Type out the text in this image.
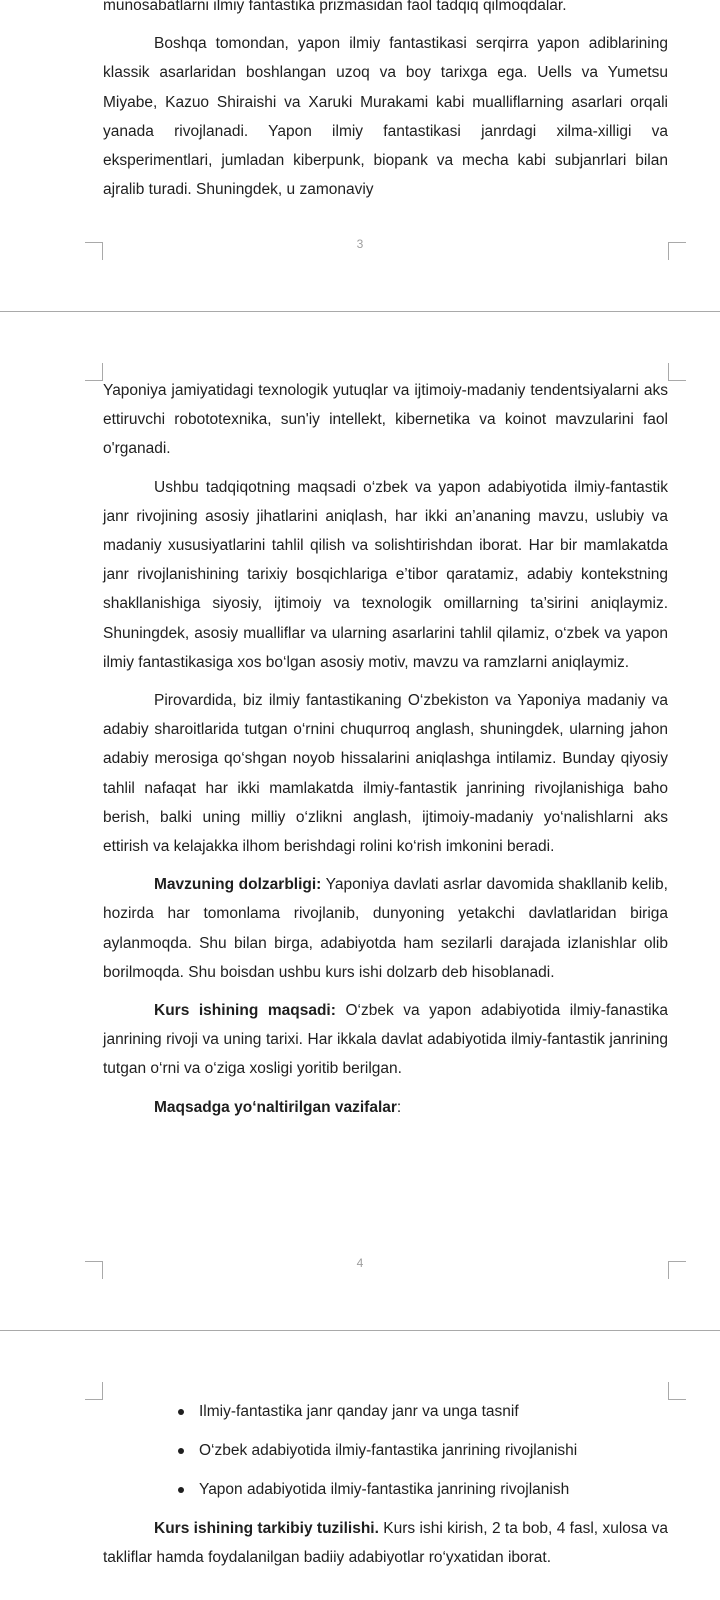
munosabatlarni ilmiy fantastika prizmasidan faol tadqiq qilmoqdalar.

Boshqa tomondan, yapon ilmiy fantastikasi serqirra yapon adiblarining klassik asarlaridan boshlangan uzoq va boy tarixga ega. Uells va Yumetsu Miyabe, Kazuo Shiraishi va Xaruki Murakami kabi mualliflarning asarlari orqali yanada rivojlanadi. Yapon ilmiy fantastikasi janrdagi xilma-xilligi va eksperimentlari, jumladan kiberpunk, biopank va mecha kabi subjanrlari bilan ajralib turadi. Shuningdek, u zamonaviy

3

Yaponiya jamiyatidagi texnologik yutuqlar va ijtimoiy-madaniy tendentsiyalarni aks ettiruvchi robototexnika, sun'iy intellekt, kibernetika va koinot mavzularini faol o'rganadi.

Ushbu tadqiqotning maqsadi o‘zbek va yapon adabiyotida ilmiy-fantastik janr rivojining asosiy jihatlarini aniqlash, har ikki an’ananing mavzu, uslubiy va madaniy xususiyatlarini tahlil qilish va solishtirishdan iborat. Har bir mamlakatda janr rivojlanishining tarixiy bosqichlariga e’tibor qaratamiz, adabiy kontekstning shakllanishiga siyosiy, ijtimoiy va texnologik omillarning ta’sirini aniqlaymiz. Shuningdek, asosiy mualliflar va ularning asarlarini tahlil qilamiz, o‘zbek va yapon ilmiy fantastikasiga xos bo‘lgan asosiy motiv, mavzu va ramzlarni aniqlaymiz.

Pirovardida, biz ilmiy fantastikaning O‘zbekiston va Yaponiya madaniy va adabiy sharoitlarida tutgan o‘rnini chuqurroq anglash, shuningdek, ularning jahon adabiy merosiga qo‘shgan noyob hissalarini aniqlashga intilamiz. Bunday qiyosiy tahlil nafaqat har ikki mamlakatda ilmiy-fantastik janrining rivojlanishiga baho berish, balki uning milliy o‘zlikni anglash, ijtimoiy-madaniy yo‘nalishlarni aks ettirish va kelajakka ilhom berishdagi rolini ko‘rish imkonini beradi.

Mavzuning dolzarbligi: Yaponiya davlati asrlar davomida shakllanib kelib, hozirda har tomonlama rivojlanib, dunyoning yetakchi davlatlaridan biriga aylanmoqda. Shu bilan birga, adabiyotda ham sezilarli darajada izlanishlar olib borilmoqda. Shu boisdan ushbu kurs ishi dolzarb deb hisoblanadi.

Kurs ishining maqsadi: O‘zbek va yapon adabiyotida ilmiy-fanastika janrining rivoji va uning tarixi. Har ikkala davlat adabiyotida ilmiy-fantastik janrining tutgan o‘rni va o‘ziga xosligi yoritib berilgan.

Maqsadga yo‘naltirilgan vazifalar:

4
Ilmiy-fantastika janr qanday janr va unga tasnif
O‘zbek adabiyotida ilmiy-fantastika janrining rivojlanishi
Yapon adabiyotida ilmiy-fantastika janrining rivojlanish

Kurs ishining tarkibiy tuzilishi. Kurs ishi kirish, 2 ta bob, 4 fasl, xulosa va takliflar hamda foydalanilgan badiiy adabiyotlar ro‘yxatidan iborat.
